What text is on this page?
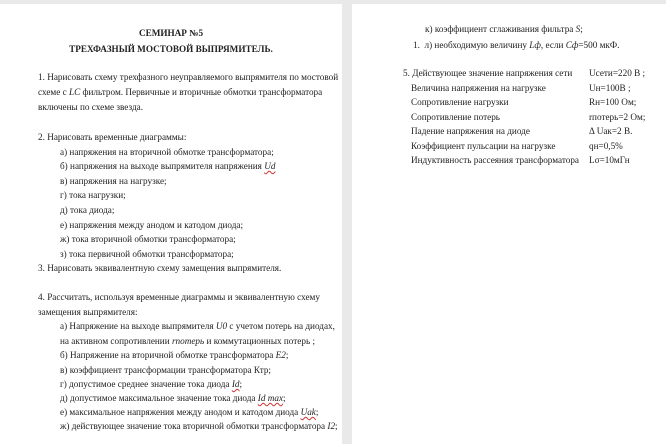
СЕМИНАР №5
ТРЕХФАЗНЫЙ МОСТОВОЙ ВЫПРЯМИТЕЛЬ.
1. Нарисовать схему трехфазного неуправляемого выпрямителя по мостовой
схеме с LC фильтром. Первичные и вторичные обмотки трансформатора
включены по схеме звезда.
2. Нарисовать временные диаграммы:
а) напряжения на вторичной обмотке трансформатора;
б) напряжения на выходе выпрямителя напряжения Ud
в) напряжения на нагрузке;
г) тока нагрузки;
д) тока диода;
е) напряжения между анодом и катодом диода;
ж) тока вторичной обмотки трансформатора;
з) тока первичной обмотки трансформатора;
3. Нарисовать эквивалентную схему замещения выпрямителя.
4. Рассчитать, используя временные диаграммы и эквивалентную схему
замещения выпрямителя:
а) Напряжение на выходе выпрямителя U0 с учетом потерь на диодах,
на активном сопротивлении rпотерь и коммутационных потерь ;
б) Напряжение на вторичной обмотке трансформатора E2;
в) коэффициент трансформации трансформатора Ктр;
г) допустимое среднее значение тока диода Id;
д) допустимое максимальное значение тока диода Id max;
е) максимальное напряжения между анодом и катодом диода Uak;
ж) действующее значение тока вторичной обмотки трансформатора I2;
к) коэффициент сглаживания фильтра S;
1. л) необходимую величину Lф, если Cф=500 мкФ.
5. Действующее значение напряжения сети Uсети=220 В ;
Величина напряжения на нагрузке	Uн=100В ;
Сопротивление нагрузки	Rн=100 Ом;
Сопротивление потерь	rпотерь=2 Ом;
Падение напряжения на диоде	Δ Uак=2 В.
Коэффициент пульсации на нагрузке	qн=0,5%
Индуктивность рассеяния трансформатора Lσ=10мГн
